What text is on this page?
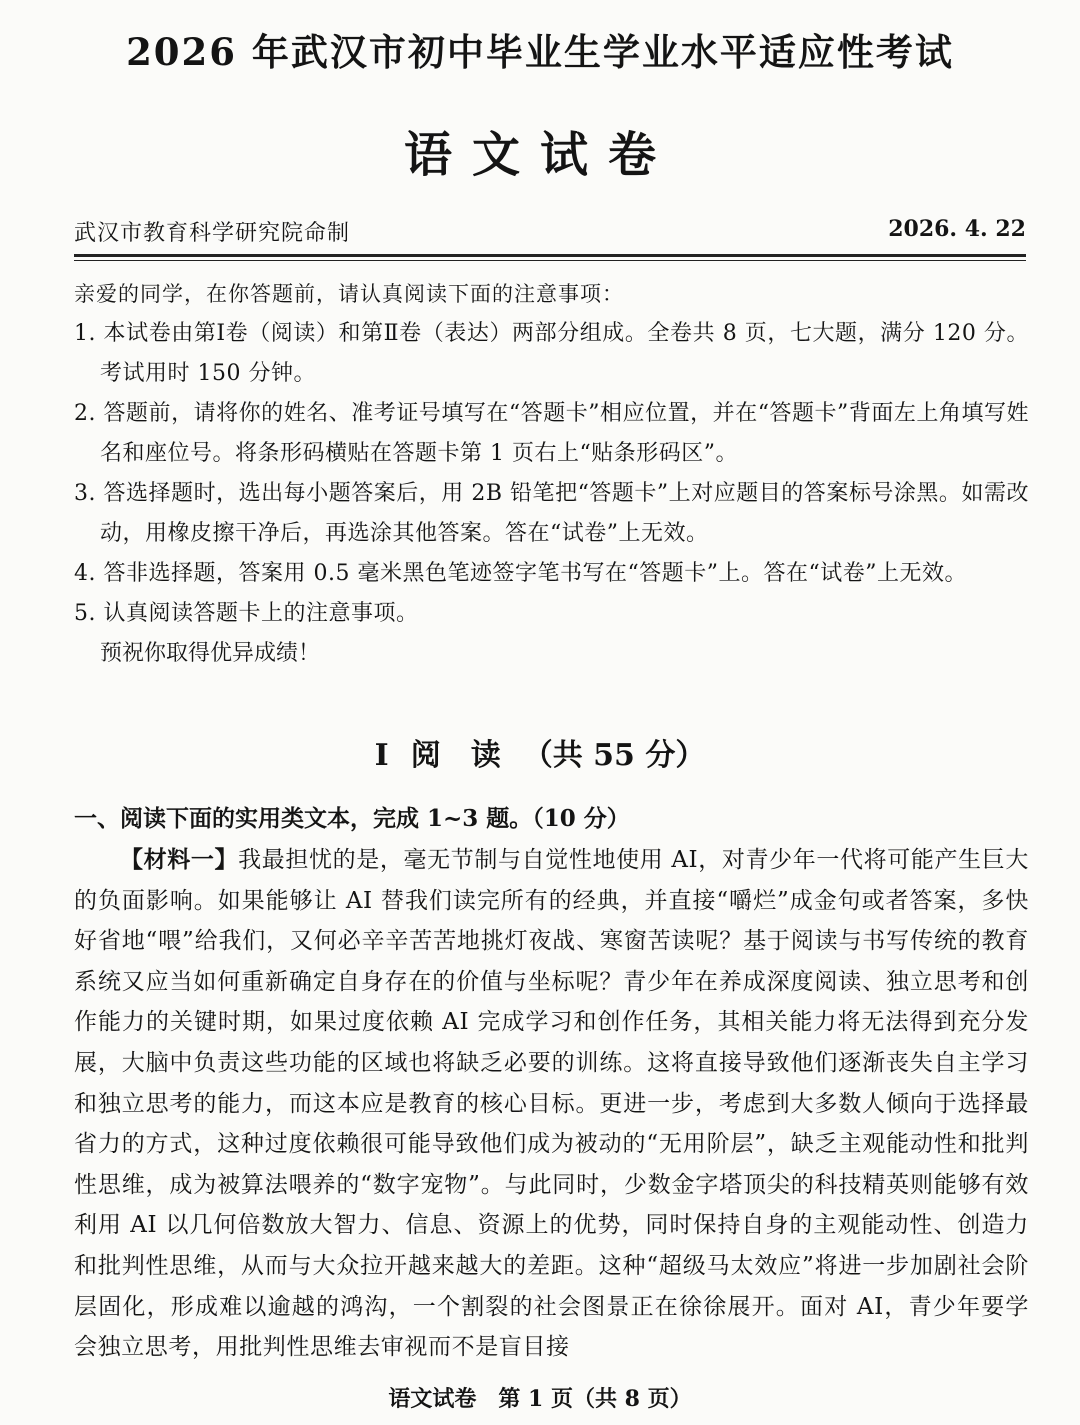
2026 年武汉市初中毕业生学业水平适应性考试
语文试卷
武汉市教育科学研究院命制	2026. 4. 22
亲爱的同学，在你答题前，请认真阅读下面的注意事项：

1. 本试卷由第Ⅰ卷（阅读）和第Ⅱ卷（表达）两部分组成。全卷共 8 页，七大题，满分 120 分。考试用时 150 分钟。

2. 答题前，请将你的姓名、准考证号填写在“答题卡”相应位置，并在“答题卡”背面左上角填写姓名和座位号。将条形码横贴在答题卡第 1 页右上“贴条形码区”。

3. 答选择题时，选出每小题答案后，用 2B 铅笔把“答题卡”上对应题目的答案标号涂黑。如需改动，用橡皮擦干净后，再选涂其他答案。答在“试卷”上无效。

4. 答非选择题，答案用 0.5 毫米黑色笔迹签字笔书写在“答题卡”上。答在“试卷”上无效。

5. 认真阅读答题卡上的注意事项。

预祝你取得优异成绩！

Ⅰ 阅　读 （共 55 分）
一、阅读下面的实用类文本，完成 1~3 题。（10 分）

【材料一】我最担忧的是，毫无节制与自觉性地使用 AI，对青少年一代将可能产生巨大的负面影响。如果能够让 AI 替我们读完所有的经典，并直接“嚼烂”成金句或者答案，多快好省地“喂”给我们，又何必辛辛苦苦地挑灯夜战、寒窗苦读呢？基于阅读与书写传统的教育系统又应当如何重新确定自身存在的价值与坐标呢？青少年在养成深度阅读、独立思考和创作能力的关键时期，如果过度依赖 AI 完成学习和创作任务，其相关能力将无法得到充分发展，大脑中负责这些功能的区域也将缺乏必要的训练。这将直接导致他们逐渐丧失自主学习和独立思考的能力，而这本应是教育的核心目标。更进一步，考虑到大多数人倾向于选择最省力的方式，这种过度依赖很可能导致他们成为被动的“无用阶层”，缺乏主观能动性和批判性思维，成为被算法喂养的“数字宠物”。与此同时，少数金字塔顶尖的科技精英则能够有效利用 AI 以几何倍数放大智力、信息、资源上的优势，同时保持自身的主观能动性、创造力和批判性思维，从而与大众拉开越来越大的差距。这种“超级马太效应”将进一步加剧社会阶层固化，形成难以逾越的鸿沟，一个割裂的社会图景正在徐徐展开。面对 AI，青少年要学会独立思考，用批判性思维去审视而不是盲目接

语文试卷　第 1 页（共 8 页）
